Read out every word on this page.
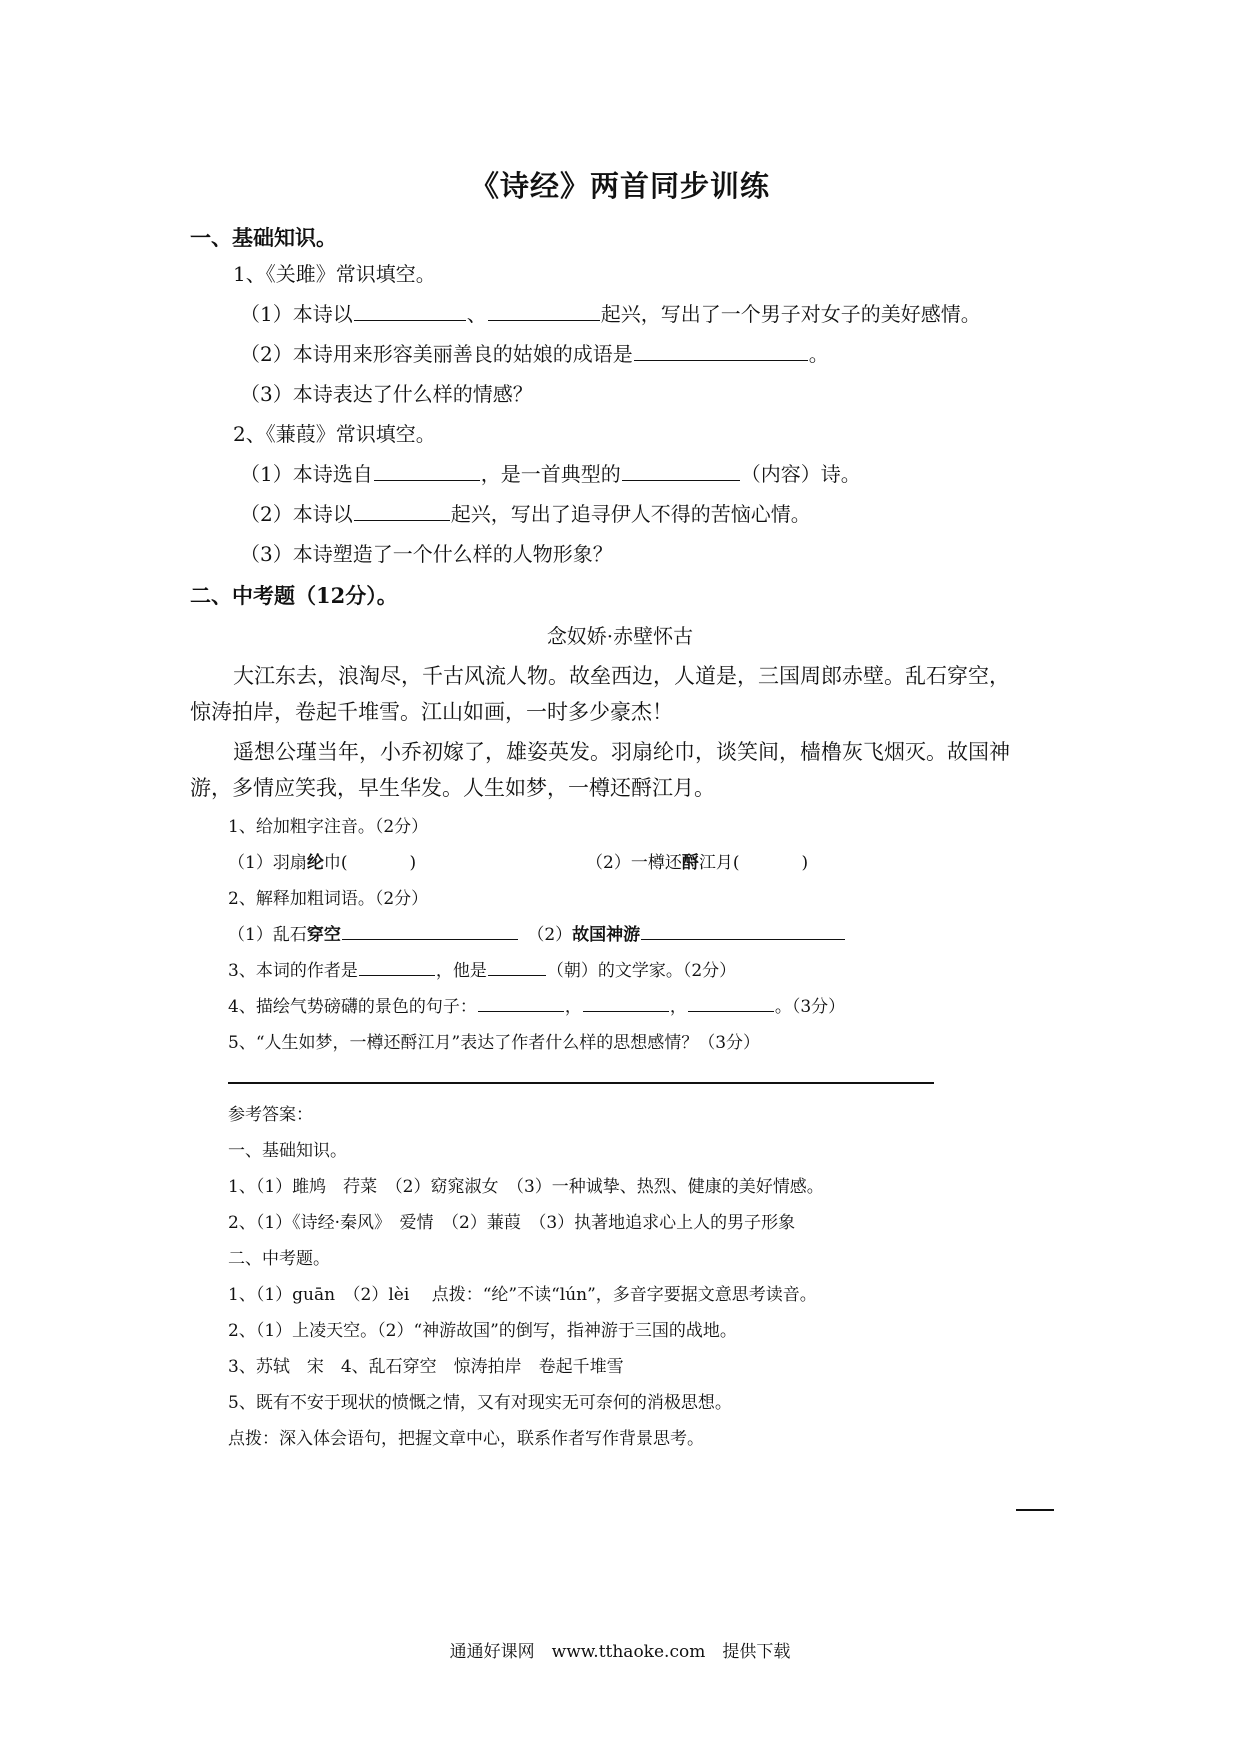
《诗经》两首同步训练
一、基础知识。
1、《关雎》常识填空。
（1）本诗以	、	起兴，写出了一个男子对女子的美好感情。
（2）本诗用来形容美丽善良的姑娘的成语是	。
（3）本诗表达了什么样的情感？
2、《蒹葭》常识填空。
（1）本诗选自	，是一首典型的	（内容）诗。
（2）本诗以	起兴，写出了追寻伊人不得的苦恼心情。
（3）本诗塑造了一个什么样的人物形象？
二、中考题（12分）。
念奴娇·赤壁怀古
大江东去，浪淘尽，千古风流人物。故垒西边，人道是，三国周郎赤壁。乱石穿空，
惊涛拍岸，卷起千堆雪。江山如画，一时多少豪杰！
遥想公瑾当年，小乔初嫁了，雄姿英发。羽扇纶巾，谈笑间，樯橹灰飞烟灭。故国神
游，多情应笑我，早生华发。人生如梦，一樽还酹江月。
1、给加粗字注音。（2分）
（1）羽扇纶巾(	)	（2）一樽还酹江月(	)
2、解释加粗词语。（2分）
（1）乱石穿空　	（2）故国神游
3、本词的作者是	，他是	（朝）的文学家。（2分）
4、描绘气势磅礴的景色的句子：	，	，	。（3分）
5、“人生如梦，一樽还酹江月”表达了作者什么样的思想感情？（3分）
参考答案：
一、基础知识。
1、（1）雎鸠　荇菜　（2）窈窕淑女　（3）一种诚挚、热烈、健康的美好情感。
2、（1）《诗经·秦风》　爱情　（2）蒹葭　（3）执著地追求心上人的男子形象
二、中考题。
1、（1）guān　（2）lèi　 点拨：“纶”不读“lún”，多音字要据文意思考读音。
2、（1）上凌天空。（2）“神游故国”的倒写，指神游于三国的战地。
3、苏轼　宋　4、乱石穿空　惊涛拍岸　卷起千堆雪
5、既有不安于现状的愤慨之情，又有对现实无可奈何的消极思想。
点拨：深入体会语句，把握文章中心，联系作者写作背景思考。
通通好课网　www.tthaoke.com　提供下载
